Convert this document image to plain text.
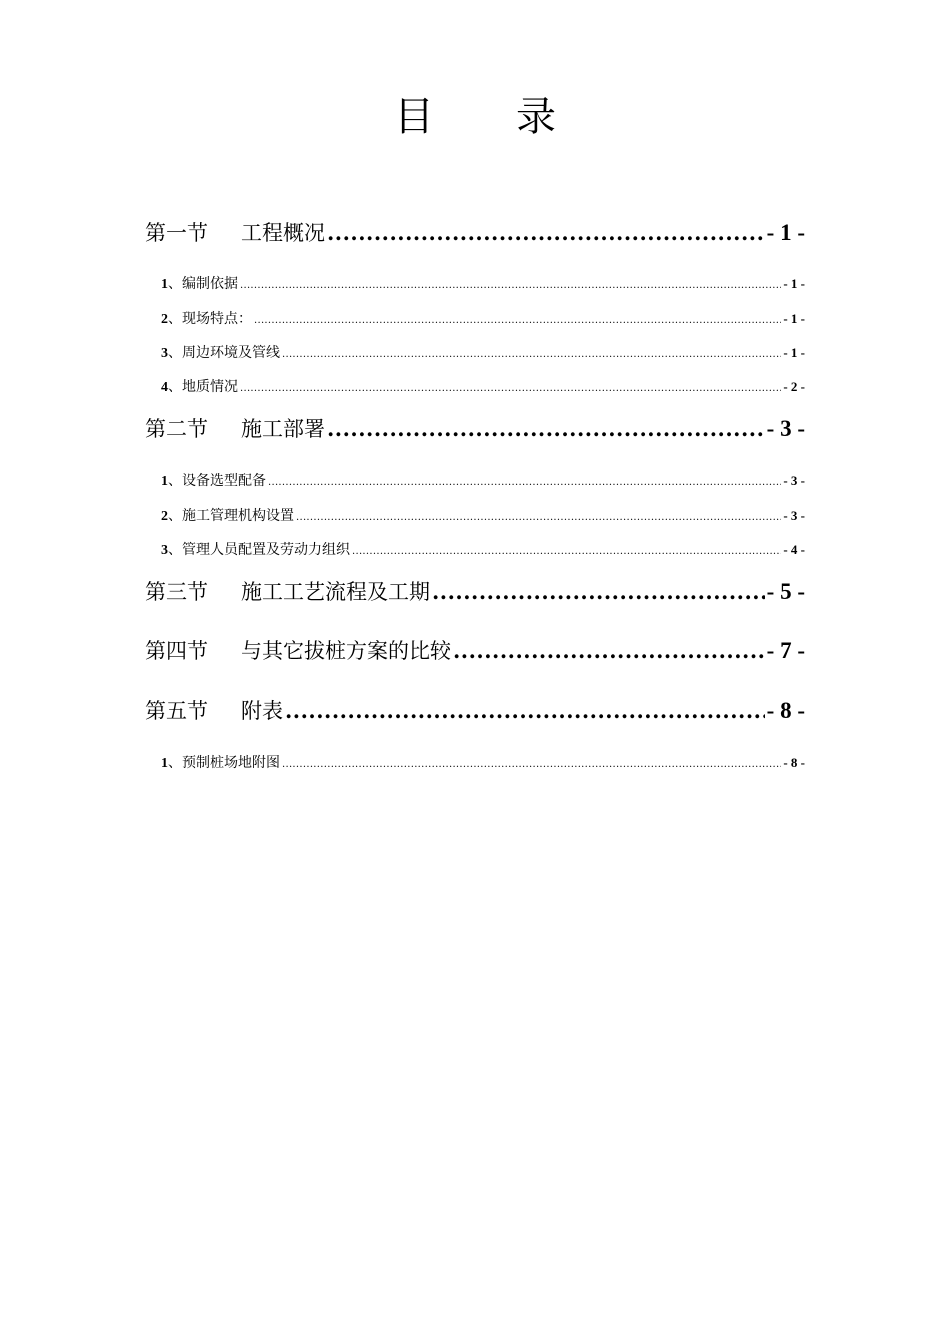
目 录
第一节 工程概况 .....	- 1 -
1 、编制依据 .....	- 1 -
2 、现场特点： .....	- 1 -
3 、周边环境及管线 .....	- 1 -
4 、地质情况 .....	- 2 -
第二节 施工部署 .....	- 3 -
1 、设备选型配备 .....	- 3 -
2 、施工管理机构设置 .....	- 3 -
3 、管理人员配置及劳动力组织 .....	- 4 -
第三节 施工工艺流程及工期 .....	- 5 -
第四节 与其它拔桩方案的比较 .....	- 7 -
第五节 附表 .....	- 8 -
1 、预制桩场地附图 .....	- 8 -
